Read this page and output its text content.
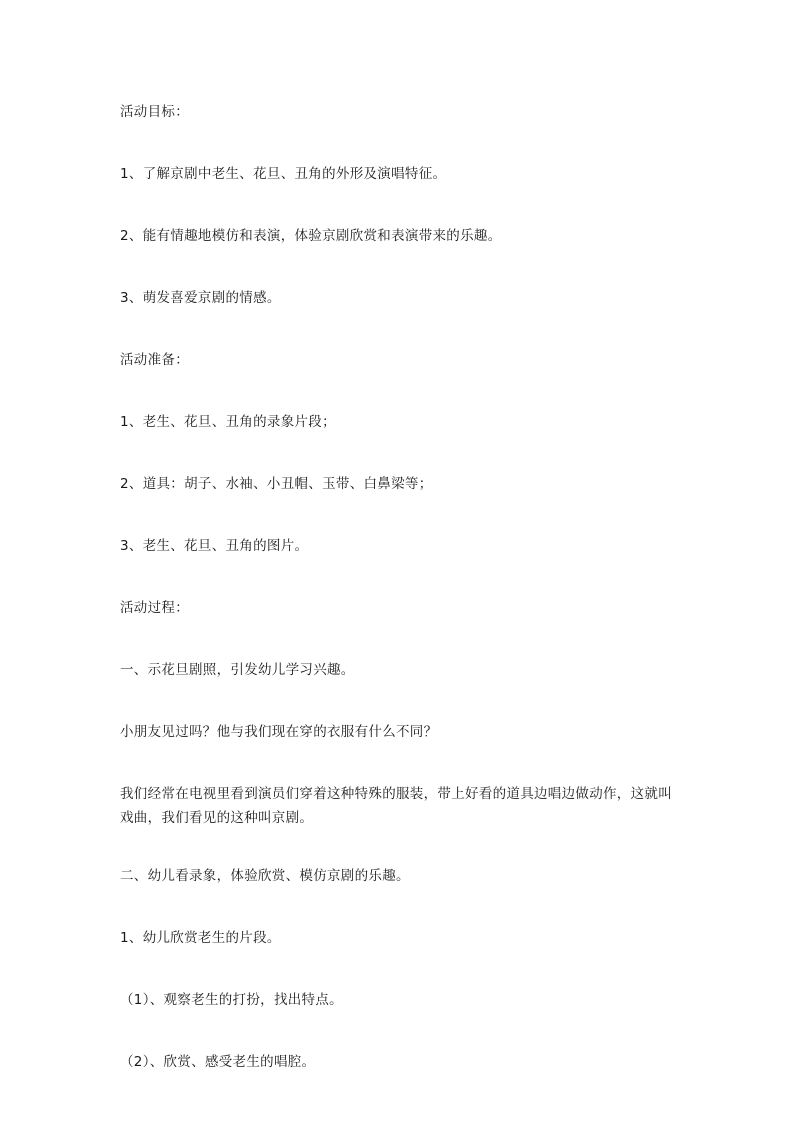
活动目标：

1、了解京剧中老生、花旦、丑角的外形及演唱特征。

2、能有情趣地模仿和表演，体验京剧欣赏和表演带来的乐趣。

3、萌发喜爱京剧的情感。

活动准备：

1、老生、花旦、丑角的录象片段；

2、道具：胡子、水袖、小丑帽、玉带、白鼻梁等；

3、老生、花旦、丑角的图片。

活动过程：

一、示花旦剧照，引发幼儿学习兴趣。

小朋友见过吗？他与我们现在穿的衣服有什么不同？

我们经常在电视里看到演员们穿着这种特殊的服装，带上好看的道具边唱边做动作，这就叫戏曲，我们看见的这种叫京剧。

二、幼儿看录象，体验欣赏、模仿京剧的乐趣。

1、幼儿欣赏老生的片段。

（1）、观察老生的打扮，找出特点。

（2）、欣赏、感受老生的唱腔。
